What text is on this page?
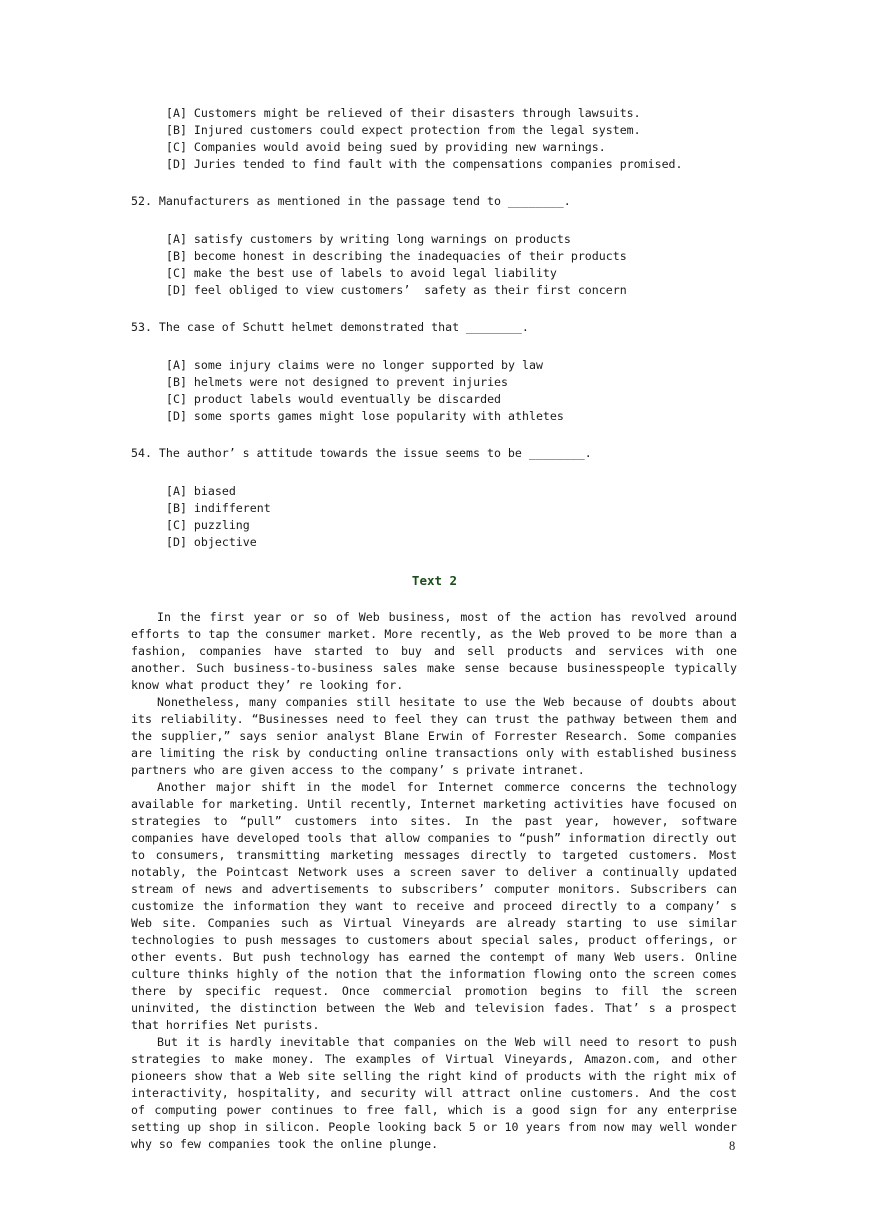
[A] Customers might be relieved of their disasters through lawsuits.
[B] Injured customers could expect protection from the legal system.
[C] Companies would avoid being sued by providing new warnings.
[D] Juries tended to find fault with the compensations companies promised.
52. Manufacturers as mentioned in the passage tend to ________.
[A] satisfy customers by writing long warnings on products
[B] become honest in describing the inadequacies of their products
[C] make the best use of labels to avoid legal liability
[D] feel obliged to view customers’  safety as their first concern
53. The case of Schutt helmet demonstrated that ________.
[A] some injury claims were no longer supported by law
[B] helmets were not designed to prevent injuries
[C] product labels would eventually be discarded
[D] some sports games might lose popularity with athletes
54. The author’ s attitude towards the issue seems to be ________.
[A] biased
[B] indifferent
[C] puzzling
[D] objective
Text 2

In the first year or so of Web business, most of the action has revolved around efforts to tap the consumer market. More recently, as the Web proved to be more than a fashion, companies have started to buy and sell products and services with one another. Such business-to-business sales make sense because businesspeople typically know what product they’ re looking for.

Nonetheless, many companies still hesitate to use the Web because of doubts about its reliability. “Businesses need to feel they can trust the pathway between them and the supplier,” says senior analyst Blane Erwin of Forrester Research. Some companies are limiting the risk by conducting online transactions only with established business partners who are given access to the company’ s private intranet.

Another major shift in the model for Internet commerce concerns the technology available for marketing. Until recently, Internet marketing activities have focused on strategies to “pull” customers into sites. In the past year, however, software companies have developed tools that allow companies to “push” information directly out to consumers, transmitting marketing messages directly to targeted customers. Most notably, the Pointcast Network uses a screen saver to deliver a continually updated stream of news and advertisements to subscribers’ computer monitors. Subscribers can customize the information they want to receive and proceed directly to a company’ s Web site. Companies such as Virtual Vineyards are already starting to use similar technologies to push messages to customers about special sales, product offerings, or other events. But push technology has earned the contempt of many Web users. Online culture thinks highly of the notion that the information flowing onto the screen comes there by specific request. Once commercial promotion begins to fill the screen uninvited, the distinction between the Web and television fades. That’ s a prospect that horrifies Net purists.

But it is hardly inevitable that companies on the Web will need to resort to push strategies to make money. The examples of Virtual Vineyards, Amazon.com, and other pioneers show that a Web site selling the right kind of products with the right mix of interactivity, hospitality, and security will attract online customers. And the cost of computing power continues to free fall, which is a good sign for any enterprise setting up shop in silicon. People looking back 5 or 10 years from now may well wonder why so few companies took the online plunge.	8
